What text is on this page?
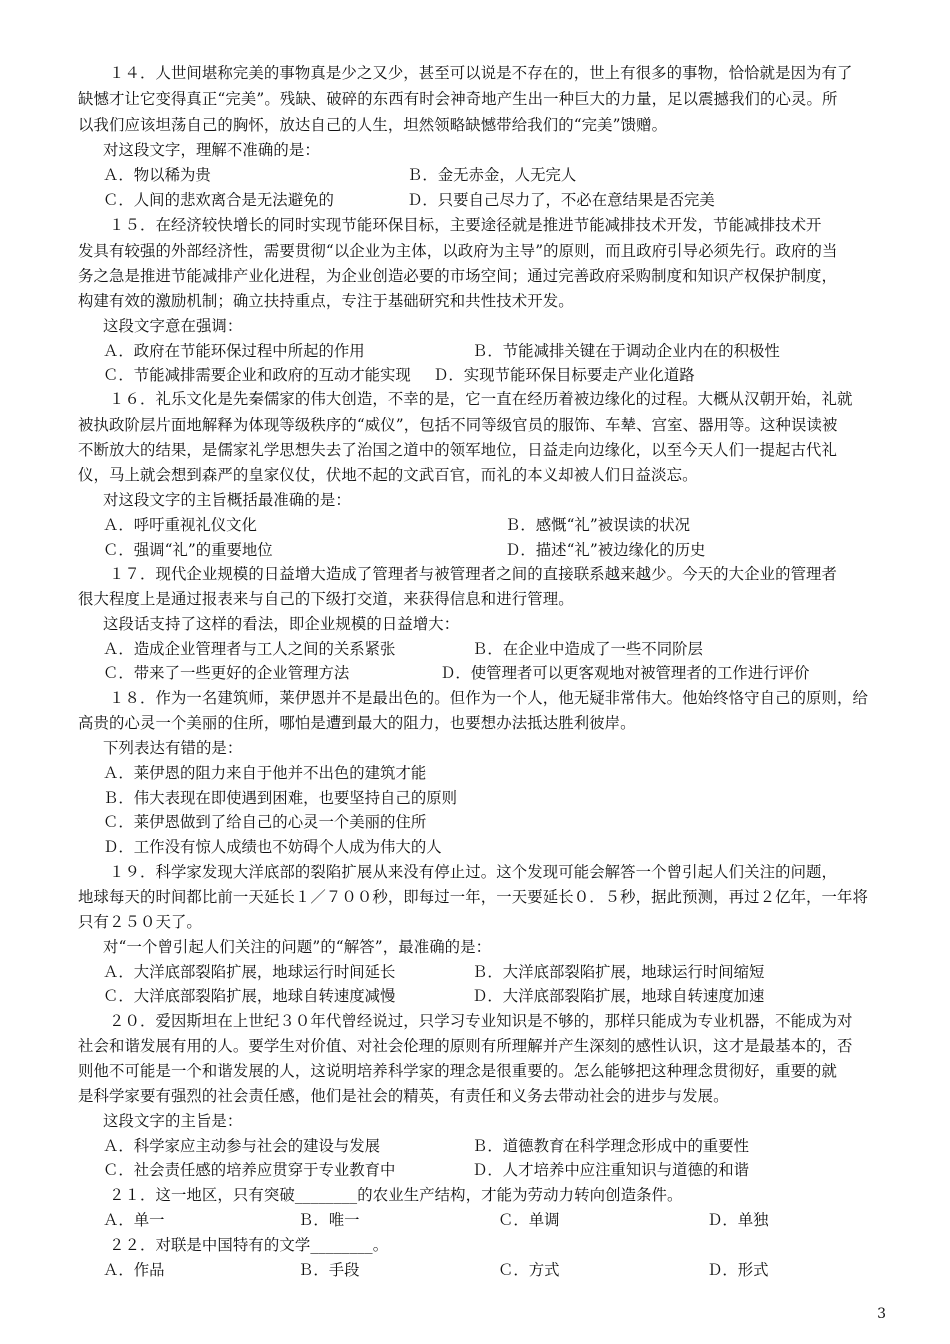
　　１４．人世间堪称完美的事物真是少之又少，甚至可以说是不存在的，世上有很多的事物，恰恰就是因为有了
缺憾才让它变得真正“完美”。残缺、破碎的东西有时会神奇地产生出一种巨大的力量，足以震撼我们的心灵。所
以我们应该坦荡自己的胸怀，放达自己的人生，坦然领略缺憾带给我们的“完美”馈赠。
对这段文字，理解不准确的是：
Ａ．物以稀为贵	Ｂ．金无赤金，人无完人
Ｃ．人间的悲欢离合是无法避免的	Ｄ．只要自己尽力了，不必在意结果是否完美
　　１５．在经济较快增长的同时实现节能环保目标，主要途径就是推进节能减排技术开发，节能减排技术开
发具有较强的外部经济性，需要贯彻“以企业为主体，以政府为主导”的原则，而且政府引导必须先行。政府的当
务之急是推进节能减排产业化进程，为企业创造必要的市场空间；通过完善政府采购制度和知识产权保护制度，
构建有效的激励机制；确立扶持重点，专注于基础研究和共性技术开发。
这段文字意在强调：
Ａ．政府在节能环保过程中所起的作用	Ｂ．节能减排关键在于调动企业内在的积极性
Ｃ．节能减排需要企业和政府的互动才能实现 Ｄ．实现节能环保目标要走产业化道路
　　１６．礼乐文化是先秦儒家的伟大创造，不幸的是，它一直在经历着被边缘化的过程。大概从汉朝开始，礼就
被执政阶层片面地解释为体现等级秩序的“威仪”，包括不同等级官员的服饰、车辇、宫室、器用等。这种误读被
不断放大的结果，是儒家礼学思想失去了治国之道中的领军地位，日益走向边缘化，以至今天人们一提起古代礼
仪，马上就会想到森严的皇家仪仗，伏地不起的文武百官，而礼的本义却被人们日益淡忘。
对这段文字的主旨概括最准确的是：
Ａ．呼吁重视礼仪文化	Ｂ．感慨“礼”被误读的状况
Ｃ．强调“礼”的重要地位	Ｄ．描述“礼”被边缘化的历史
　　１７．现代企业规模的日益增大造成了管理者与被管理者之间的直接联系越来越少。今天的大企业的管理者
很大程度上是通过报表来与自己的下级打交道，来获得信息和进行管理。
这段话支持了这样的看法，即企业规模的日益增大：
Ａ．造成企业管理者与工人之间的关系紧张	Ｂ．在企业中造成了一些不同阶层
Ｃ．带来了一些更好的企业管理方法	Ｄ．使管理者可以更客观地对被管理者的工作进行评价
　　１８．作为一名建筑师，莱伊恩并不是最出色的。但作为一个人，他无疑非常伟大。他始终恪守自己的原则，给
高贵的心灵一个美丽的住所，哪怕是遭到最大的阻力，也要想办法抵达胜利彼岸。
下列表达有错的是：
Ａ．莱伊恩的阻力来自于他并不出色的建筑才能
Ｂ．伟大表现在即使遇到困难，也要坚持自己的原则
Ｃ．莱伊恩做到了给自己的心灵一个美丽的住所
Ｄ．工作没有惊人成绩也不妨碍个人成为伟大的人
　　１９．科学家发现大洋底部的裂陷扩展从来没有停止过。这个发现可能会解答一个曾引起人们关注的问题，
地球每天的时间都比前一天延长１／７００秒，即每过一年，一天要延长０．５秒，据此预测，再过２亿年，一年将
只有２５０天了。
对“一个曾引起人们关注的问题”的“解答”，最准确的是：
Ａ．大洋底部裂陷扩展，地球运行时间延长	Ｂ．大洋底部裂陷扩展，地球运行时间缩短
Ｃ．大洋底部裂陷扩展，地球自转速度减慢	Ｄ．大洋底部裂陷扩展，地球自转速度加速
　　２０．爱因斯坦在上世纪３０年代曾经说过，只学习专业知识是不够的，那样只能成为专业机器，不能成为对
社会和谐发展有用的人。要学生对价值、对社会伦理的原则有所理解并产生深刻的感性认识，这才是最基本的，否
则他不可能是一个和谐发展的人，这说明培养科学家的理念是很重要的。怎么能够把这种理念贯彻好，重要的就
是科学家要有强烈的社会责任感，他们是社会的精英，有责任和义务去带动社会的进步与发展。
这段文字的主旨是：
Ａ．科学家应主动参与社会的建设与发展	Ｂ．道德教育在科学理念形成中的重要性
Ｃ．社会责任感的培养应贯穿于专业教育中	Ｄ．人才培养中应注重知识与道德的和谐
　　２１．这一地区，只有突破________的农业生产结构，才能为劳动力转向创造条件。
Ａ．单一	Ｂ．唯一	Ｃ．单调	Ｄ．单独
　　２２．对联是中国特有的文学________。
Ａ．作品	Ｂ．手段	Ｃ．方式	Ｄ．形式
3
